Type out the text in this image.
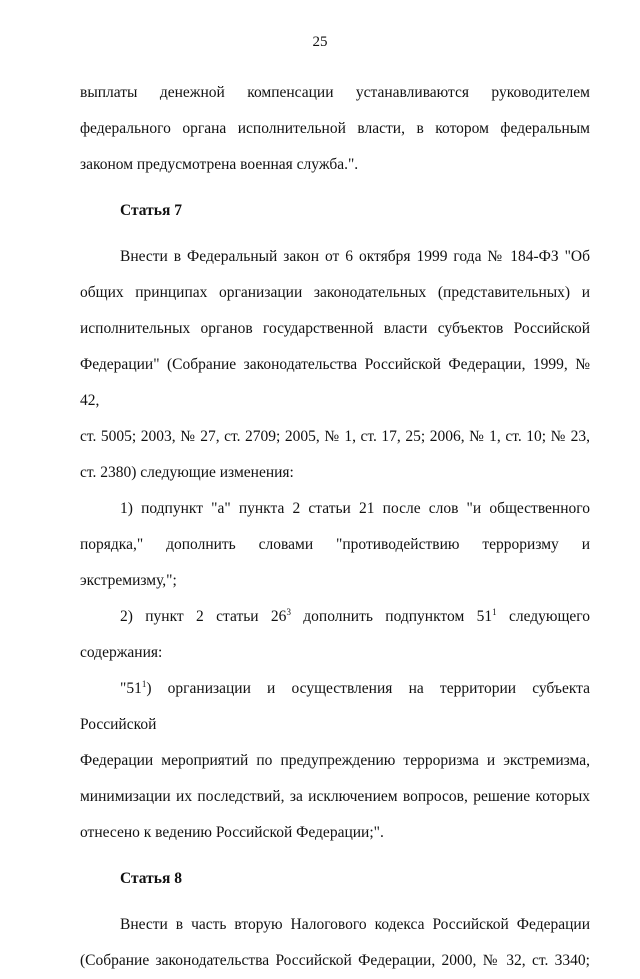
25

выплаты денежной компенсации устанавливаются руководителем

федерального органа исполнительной власти, в котором федеральным

законом предусмотрена военная служба.".

Статья 7

Внести в Федеральный закон от 6 октября 1999 года № 184-ФЗ "Об

общих принципах организации законодательных (представительных) и

исполнительных органов государственной власти субъектов Российской

Федерации" (Собрание законодательства Российской Федерации, 1999, № 42,

ст. 5005; 2003, № 27, ст. 2709; 2005, № 1, ст. 17, 25; 2006, № 1, ст. 10; № 23,

ст. 2380) следующие изменения:

1) подпункт "а" пункта 2 статьи 21 после слов "и общественного

порядка," дополнить словами "противодействию терроризму и

экстремизму,";

2) пункт 2 статьи $26^3$ дополнить подпунктом $51^1$ следующего

содержания:

"$51^1$) организации и осуществления на территории субъекта Российской

Федерации мероприятий по предупреждению терроризма и экстремизма,

минимизации их последствий, за исключением вопросов, решение которых

отнесено к ведению Российской Федерации;".

Статья 8

Внести в часть вторую Налогового кодекса Российской Федерации

(Собрание законодательства Российской Федерации, 2000, № 32, ст. 3340;
